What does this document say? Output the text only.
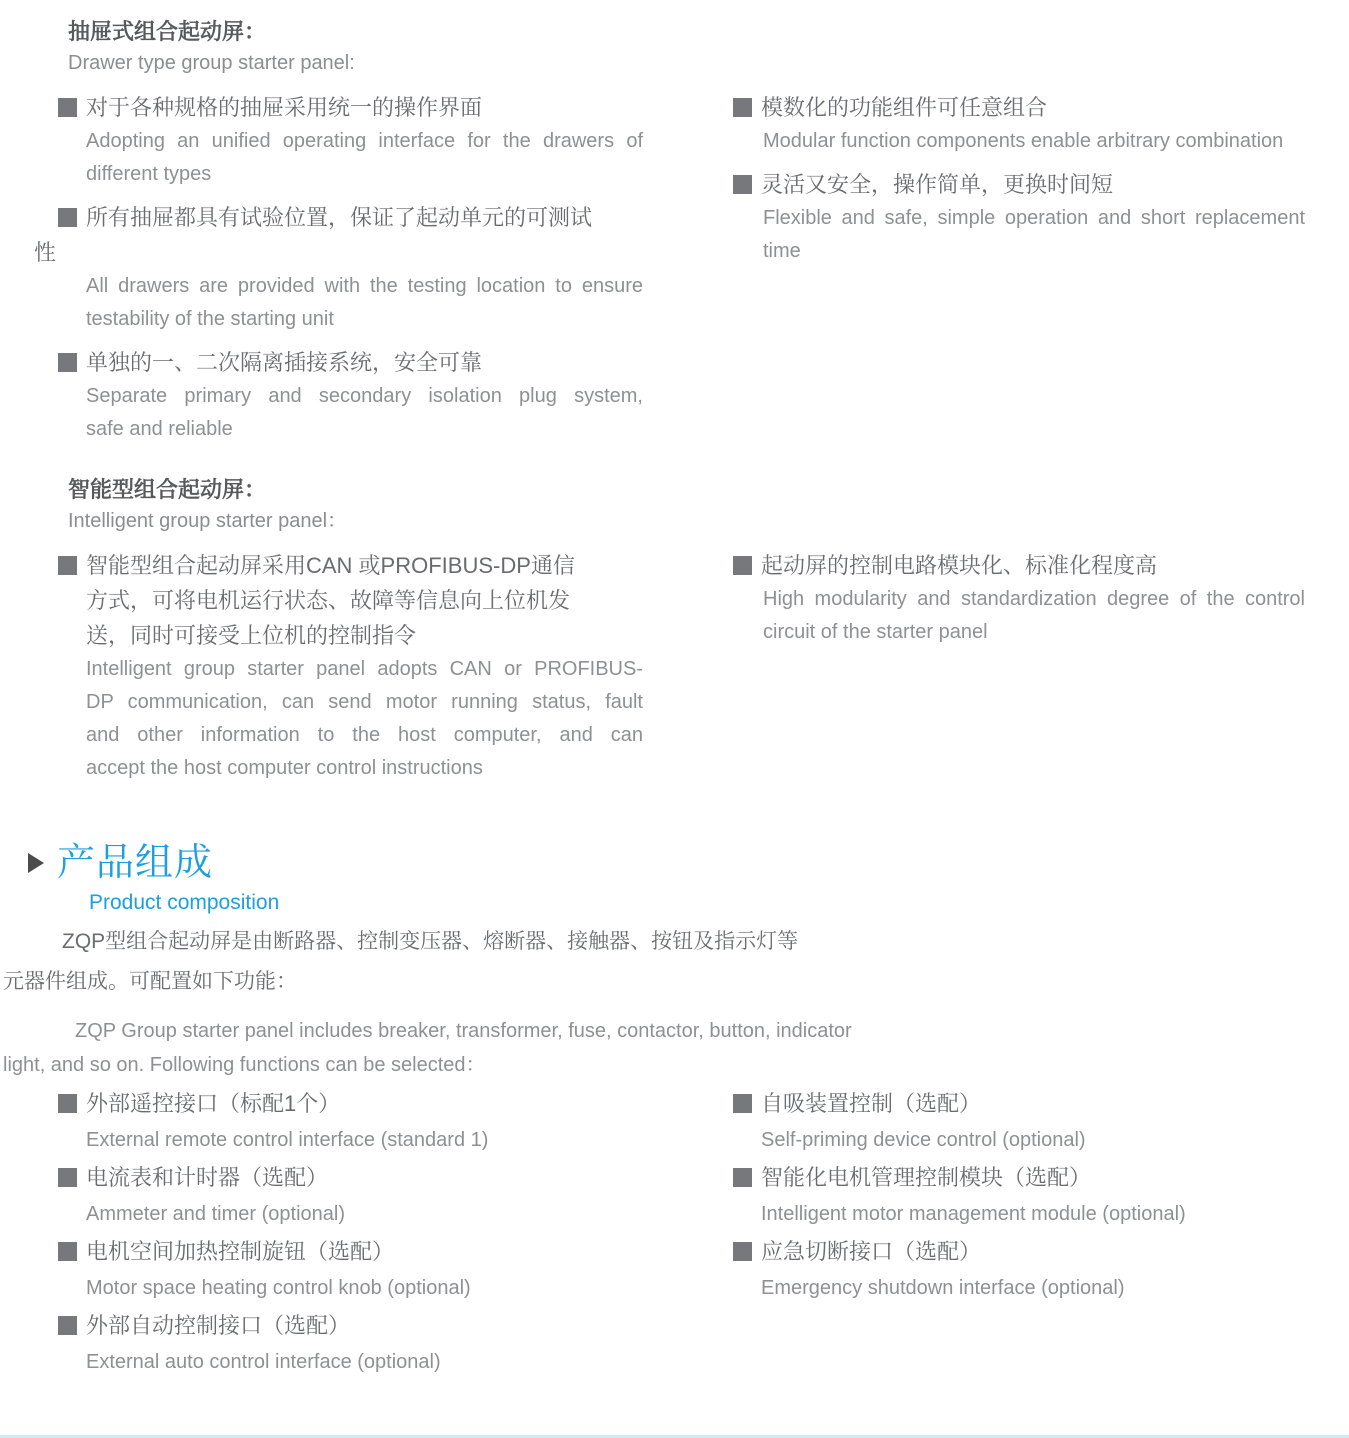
抽屉式组合起动屏：
Drawer type group starter panel:
对于各种规格的抽屉采用统一的操作界面
Adopting an unified operating interface for the drawers of
different types
所有抽屉都具有试验位置，保证了起动单元的可测试
性
All drawers are provided with the testing location to ensure
testability of the starting unit
单独的一、二次隔离插接系统，安全可靠
Separate primary and secondary isolation plug system,
safe and reliable
模数化的功能组件可任意组合
Modular function components enable arbitrary combination
灵活又安全，操作简单，更换时间短
Flexible and safe, simple operation and short replacement
time
智能型组合起动屏：
Intelligent group starter panel：
智能型组合起动屏采用CAN 或PROFIBUS-DP通信
方式，可将电机运行状态、故障等信息向上位机发
送，同时可接受上位机的控制指令
Intelligent group starter panel adopts CAN or PROFIBUS-
DP communication, can send motor running status, fault
and other information to the host computer, and can
accept the host computer control instructions
起动屏的控制电路模块化、标准化程度高
High modularity and standardization degree of the control
circuit of the starter panel
产品组成
Product composition
ZQP型组合起动屏是由断路器、控制变压器、熔断器、接触器、按钮及指示灯等
元器件组成。可配置如下功能：
ZQP Group starter panel includes breaker, transformer, fuse, contactor, button, indicator
light, and so on. Following functions can be selected：
外部遥控接口（标配1个）
External remote control interface (standard 1)
电流表和计时器（选配）
Ammeter and timer (optional)
电机空间加热控制旋钮（选配）
Motor space heating control knob (optional)
外部自动控制接口（选配）
External auto control interface (optional)
自吸装置控制（选配）
Self-priming device control (optional)
智能化电机管理控制模块（选配）
Intelligent motor management module (optional)
应急切断接口（选配）
Emergency shutdown interface (optional)
